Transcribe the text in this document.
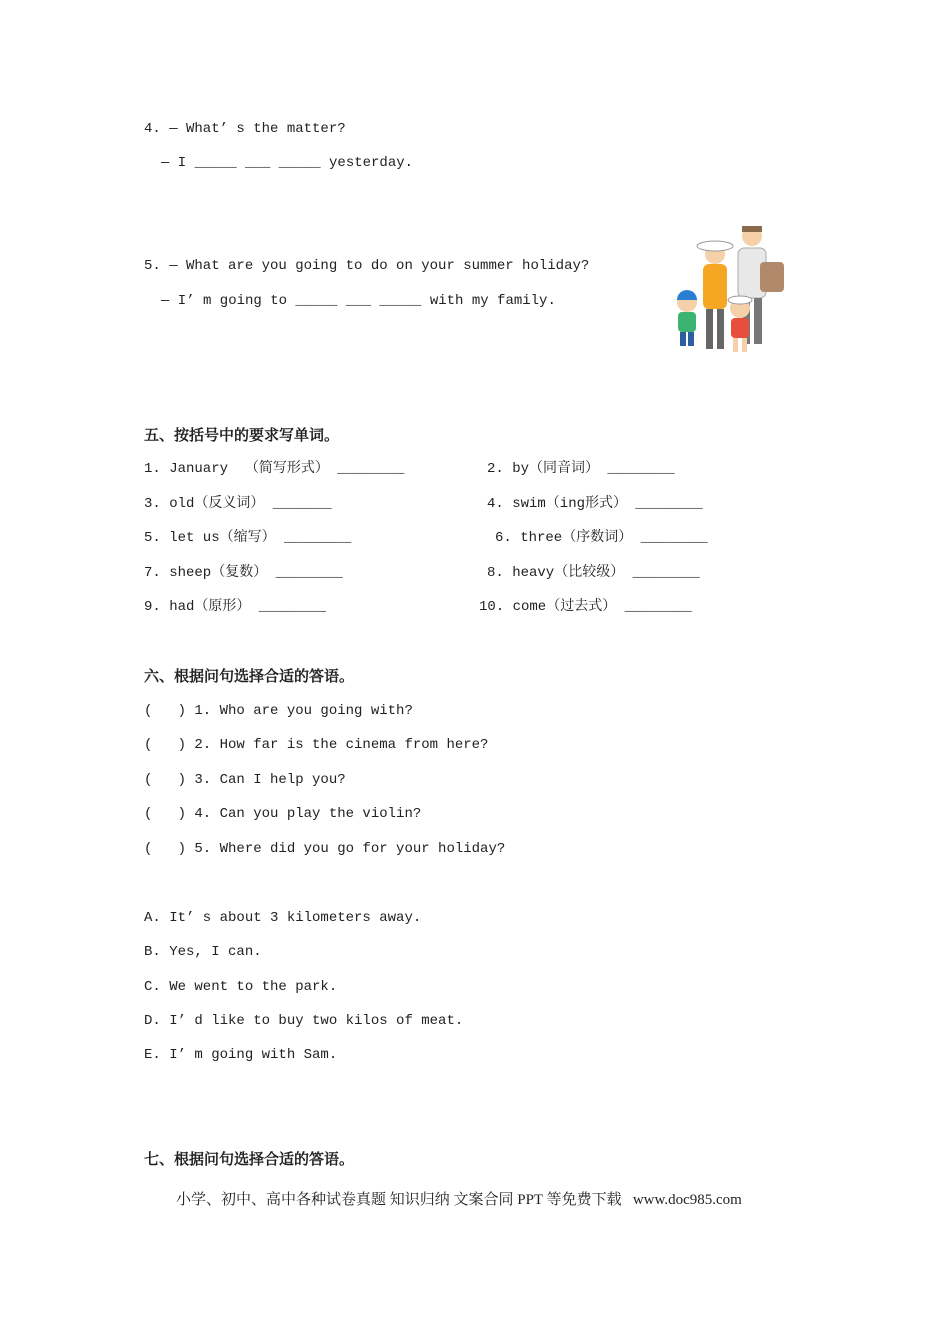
4. — What’ s the matter?
— I _____ ___ _____ yesterday.
5. — What are you going to do on your summer holiday?
— I’ m going to _____ ___ _____ with my family.
五、按括号中的要求写单词。
1. January  （简写形式） ________	2. by（同音词） ________
3. old（反义词） _______	4. swim（ing形式） ________
5. let us（缩写） ________	6. three（序数词） ________
7. sheep（复数） ________	8. heavy（比较级） ________
9. had（原形） ________	10. come（过去式） ________
六、根据问句选择合适的答语。
(   ) 1. Who are you going with?
(   ) 2. How far is the cinema from here?
(   ) 3. Can I help you?
(   ) 4. Can you play the violin?
(   ) 5. Where did you go for your holiday?
A. It’ s about 3 kilometers away.
B. Yes, I can.
C. We went to the park.
D. I’ d like to buy two kilos of meat.
E. I’ m going with Sam.
七、根据问句选择合适的答语。
小学、初中、高中各种试卷真题 知识归纳 文案合同 PPT 等免费下载   www.doc985.com
